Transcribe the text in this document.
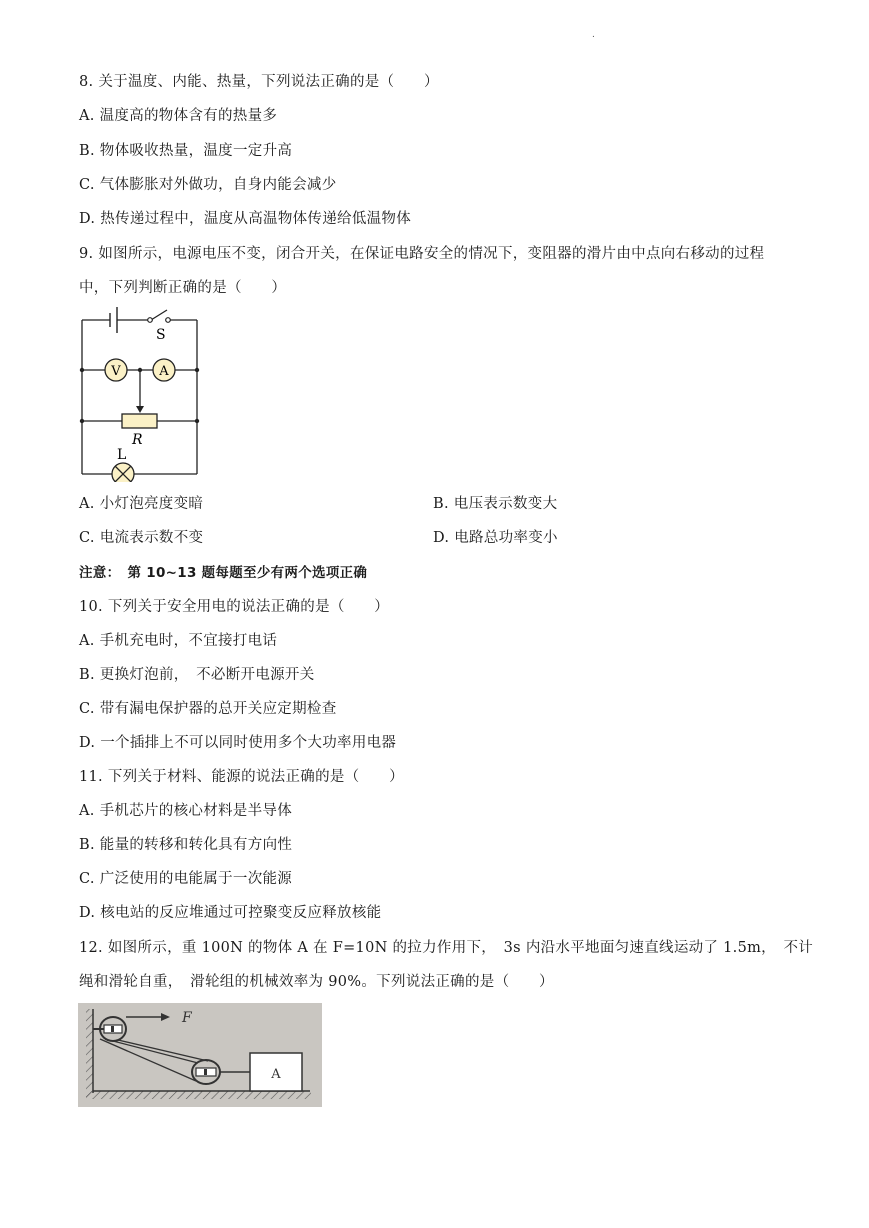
.
8. 关于温度、内能、热量，下列说法正确的是（　　）
A. 温度高的物体含有的热量多
B. 物体吸收热量，温度一定升高
C. 气体膨胀对外做功，自身内能会减少
D. 热传递过程中，温度从高温物体传递给低温物体
9. 如图所示，电源电压不变，闭合开关，在保证电路安全的情况下，变阻器的滑片由中点向右移动的过程
中，下列判断正确的是（　　）
S
V	A
R
L
A. 小灯泡亮度变暗	B. 电压表示数变大
C. 电流表示数不变	D. 电路总功率变小
注意：　第 10~13 题每题至少有两个选项正确
10. 下列关于安全用电的说法正确的是（　　）
A. 手机充电时，不宜接打电话
B. 更换灯泡前，　不必断开电源开关
C. 带有漏电保护器的总开关应定期检查
D. 一个插排上不可以同时使用多个大功率用电器
11. 下列关于材料、能源的说法正确的是（　　）
A. 手机芯片的核心材料是半导体
B. 能量的转移和转化具有方向性
C. 广泛使用的电能属于一次能源
D. 核电站的反应堆通过可控聚变反应释放核能
12. 如图所示，重 100N 的物体 A 在 F=10N 的拉力作用下，　3s 内沿水平地面匀速直线运动了 1.5m，　不计
绳和滑轮自重，　滑轮组的机械效率为 90%。下列说法正确的是（　　）
F
A
